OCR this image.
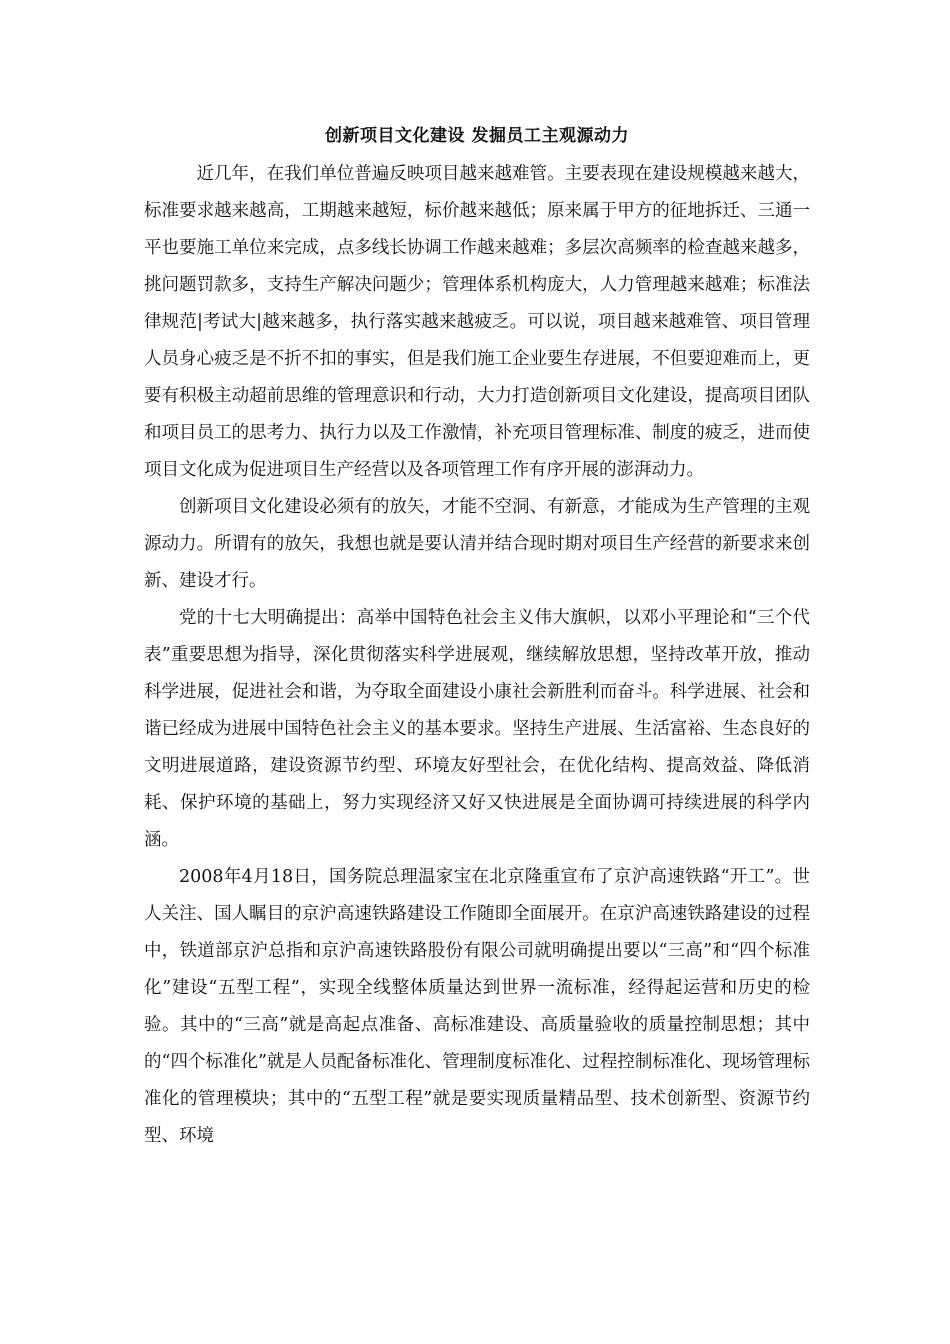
创新项目文化建设 发掘员工主观源动力

近几年，在我们单位普遍反映项目越来越难管。主要表现在建设规模越来越大，标准要求越来越高，工期越来越短，标价越来越低；原来属于甲方的征地拆迁、三通一平也要施工单位来完成，点多线长协调工作越来越难；多层次高频率的检查越来越多，挑问题罚款多，支持生产解决问题少；管理体系机构庞大，人力管理越来越难；标准法律规范|考试大|越来越多，执行落实越来越疲乏。可以说，项目越来越难管、项目管理人员身心疲乏是不折不扣的事实，但是我们施工企业要生存进展，不但要迎难而上，更要有积极主动超前思维的管理意识和行动，大力打造创新项目文化建设，提高项目团队和项目员工的思考力、执行力以及工作激情，补充项目管理标准、制度的疲乏，进而使项目文化成为促进项目生产经营以及各项管理工作有序开展的澎湃动力。

创新项目文化建设必须有的放矢，才能不空洞、有新意，才能成为生产管理的主观源动力。所谓有的放矢，我想也就是要认清并结合现时期对项目生产经营的新要求来创新、建设才行。

党的十七大明确提出：高举中国特色社会主义伟大旗帜，以邓小平理论和“三个代表”重要思想为指导，深化贯彻落实科学进展观，继续解放思想，坚持改革开放，推动科学进展，促进社会和谐，为夺取全面建设小康社会新胜利而奋斗。科学进展、社会和谐已经成为进展中国特色社会主义的基本要求。坚持生产进展、生活富裕、生态良好的文明进展道路，建设资源节约型、环境友好型社会，在优化结构、提高效益、降低消耗、保护环境的基础上，努力实现经济又好又快进展是全面协调可持续进展的科学内涵。

2008年4月18日，国务院总理温家宝在北京隆重宣布了京沪高速铁路“开工”。世人关注、国人瞩目的京沪高速铁路建设工作随即全面展开。在京沪高速铁路建设的过程中，铁道部京沪总指和京沪高速铁路股份有限公司就明确提出要以“三高”和“四个标准化”建设“五型工程”，实现全线整体质量达到世界一流标准，经得起运营和历史的检验。其中的“三高”就是高起点准备、高标准建设、高质量验收的质量控制思想；其中的“四个标准化”就是人员配备标准化、管理制度标准化、过程控制标准化、现场管理标准化的管理模块；其中的“五型工程”就是要实现质量精品型、技术创新型、资源节约型、环境
